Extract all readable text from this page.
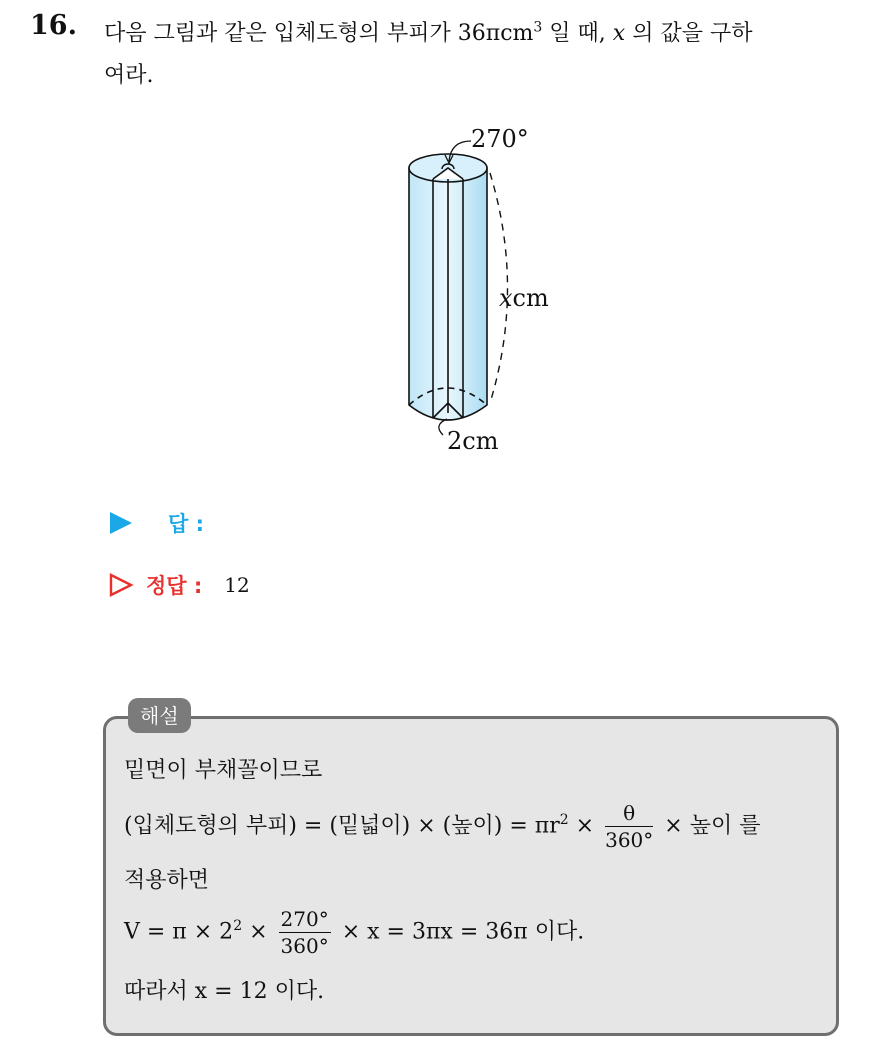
16. 다음 그림과 같은 입체도형의 부피가 36πcm$^3$ 일 때, x 의 값을 구하
여라.
270°
xcm
2cm
답 :
정답 : 12
해설
밑면이 부채꼴이므로
(입체도형의 부피) = (밑넓이) × (높이) = $\pi r^2 \times \frac{\theta}{360^\circ}$ × 높이 를
적용하면
$V = \pi \times 2^2 \times \frac{270^\circ}{360^\circ} \times x = 3\pi x = 36\pi$ 이다.
따라서 x = 12 이다.
